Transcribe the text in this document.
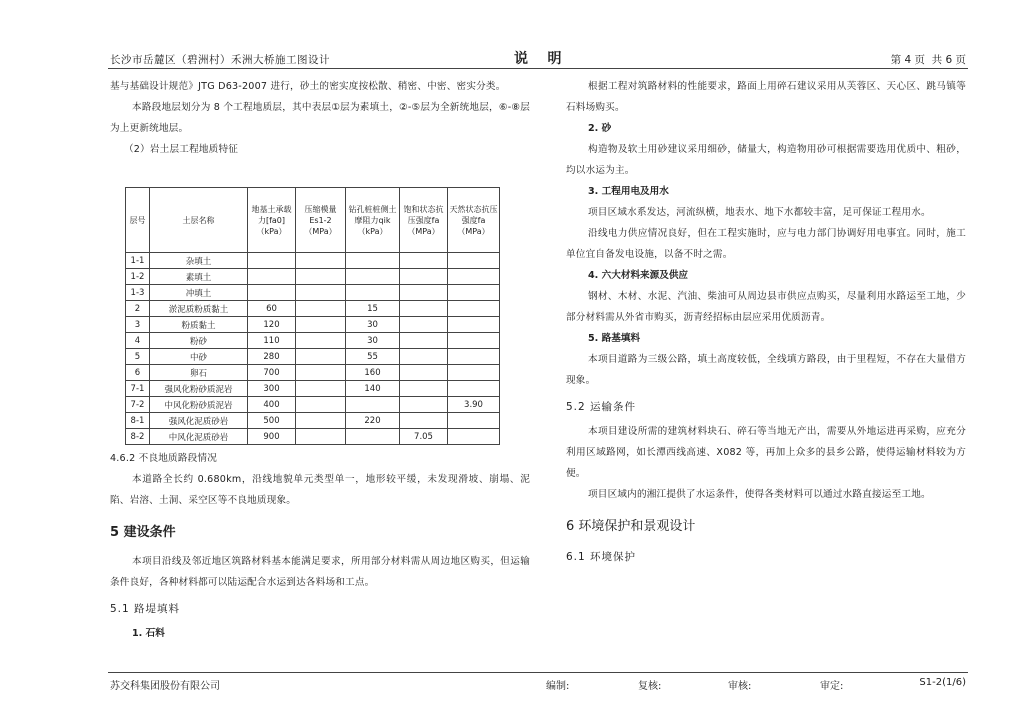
长沙市岳麓区（碧洲村）禾洲大桥施工图设计	说    明	第 4 页  共 6 页

基与基础设计规范》JTG D63-2007 进行，砂土的密实度按松散、稍密、中密、密实分类。

本路段地层划分为 8 个工程地质层，其中表层①层为素填土，②-⑤层为全新统地层，⑥-⑧层为上更新统地层。

（2）岩土层工程地质特征

层号	土层名称	地基土承载力[fa0]（kPa）	压缩模量Es1-2（MPa）	钻孔桩桩侧土摩阻力qik（kPa）	饱和状态抗压强度fa（MPa）	天然状态抗压强度fa（MPa）
1-1	杂填土					
1-2	素填土					
1-3	冲填土					
2	淤泥质粉质黏土	60		15		
3	粉质黏土	120		30		
4	粉砂	110		30		
5	中砂	280		55		
6	卵石	700		160		
7-1	强风化粉砂质泥岩	300		140		
7-2	中风化粉砂质泥岩	400				3.90
8-1	强风化泥质砂岩	500		220		
8-2	中风化泥质砂岩	900			7.05	

4.6.2 不良地质路段情况

本道路全长约 0.680km，沿线地貌单元类型单一，地形较平缓，未发现滑坡、崩塌、泥陷、岩溶、土洞、采空区等不良地质现象。

5 建设条件

本项目沿线及邻近地区筑路材料基本能满足要求，所用部分材料需从周边地区购买，但运输条件良好，各种材料都可以陆运配合水运到达各料场和工点。

5.1 路堤填料

1. 石料

根据工程对筑路材料的性能要求，路面上用碎石建议采用从芙蓉区、天心区、跳马镇等石料场购买。

2. 砂

构造物及软土用砂建议采用细砂，储量大，构造物用砂可根据需要选用优质中、粗砂，均以水运为主。

3. 工程用电及用水

项目区域水系发达，河流纵横，地表水、地下水都较丰富，足可保证工程用水。

沿线电力供应情况良好，但在工程实施时，应与电力部门协调好用电事宜。同时，施工单位宜自备发电设施，以备不时之需。

4. 六大材料来源及供应

钢材、木材、水泥、汽油、柴油可从周边县市供应点购买，尽量利用水路运至工地，少部分材料需从外省市购买，沥青经招标由层应采用优质沥青。

5. 路基填料

本项目道路为三级公路，填土高度较低，全线填方路段，由于里程短，不存在大量借方现象。

5.2 运输条件

本项目建设所需的建筑材料块石、碎石等当地无产出，需要从外地运进再采购，应充分利用区域路网，如长潭西线高速、X082 等，再加上众多的县乡公路，使得运输材料较为方便。

项目区域内的湘江提供了水运条件，使得各类材料可以通过水路直接运至工地。

6 环境保护和景观设计

6.1 环境保护

苏交科集团股份有限公司	编制:	复核:	审核:	审定:	S1-2(1/6)
